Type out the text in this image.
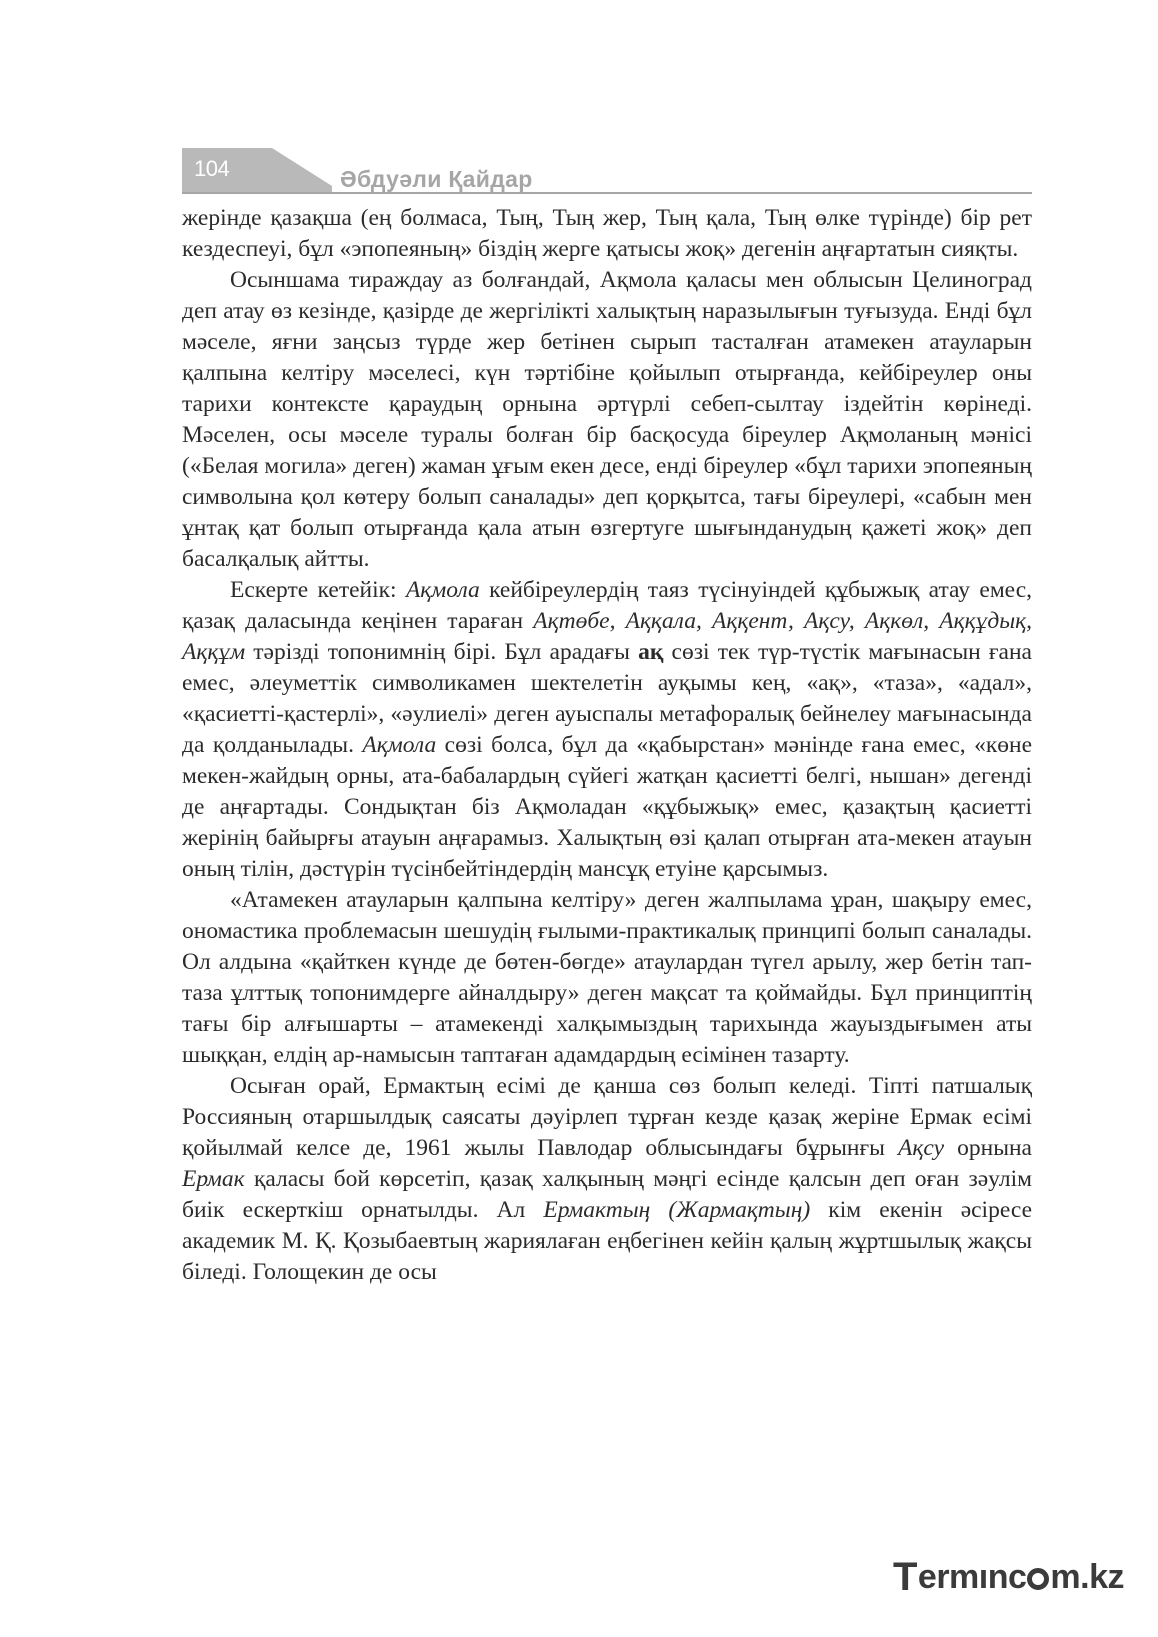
104	Әбдуәли Қайдар

жерінде қазақша (ең болмаса, Тың, Тың жер, Тың қала, Тың өлке түрінде) бір рет кездеспеуі, бұл «эпопеяның» біздің жерге қатысы жоқ» дегенін аңғартатын сияқты.

Осыншама тираждау аз болғандай, Ақмола қаласы мен облысын Целиноград деп атау өз кезінде, қазірде де жергілікті халықтың наразылығын туғызуда. Енді бұл мәселе, яғни заңсыз түрде жер бетінен сырып тасталған атамекен атауларын қалпына келтіру мәселесі, күн тәртібіне қойылып отырғанда, кейбіреулер оны тарихи контексте қараудың орнына әртүрлі себеп-сылтау іздейтін көрінеді. Мәселен, осы мәселе туралы болған бір басқосуда біреулер Ақмоланың мәнісі («Белая могила» деген) жаман ұғым екен десе, енді біреулер «бұл тарихи эпопеяның символына қол көтеру болып саналады» деп қорқытса, тағы біреулері, «сабын мен ұнтақ қат болып отырғанда қала атын өзгертуге шығынданудың қажеті жоқ» деп басалқалық айтты.

Ескерте кетейік: Ақмола кейбіреулердің таяз түсінуіндей құбыжық атау емес, қазақ даласында кеңінен тараған Ақтөбе, Аққала, Аққент, Ақсу, Ақкөл, Аққұдық, Аққұм тәрізді топонимнің бірі. Бұл арадағы ақ сөзі тек түр-түстік мағынасын ғана емес, әлеуметтік символикамен шектелетін ауқымы кең, «ақ», «таза», «адал», «қасиетті-қастерлі», «әулиелі» деген ауыспалы метафоралық бейнелеу мағынасында да қолданылады. Ақмола сөзі болса, бұл да «қабырстан» мәнінде ғана емес, «көне мекен-жайдың орны, ата-бабалардың сүйегі жатқан қасиетті белгі, нышан» дегенді де аңғартады. Сондықтан біз Ақмоладан «құбыжық» емес, қазақтың қасиетті жерінің байырғы атауын аңғарамыз. Халықтың өзі қалап отырған ата-мекен атауын оның тілін, дәстүрін түсінбейтіндердің мансұқ етуіне қарсымыз.

«Атамекен атауларын қалпына келтіру» деген жалпылама ұран, шақыру емес, ономастика проблемасын шешудің ғылыми-практикалық принципі болып саналады. Ол алдына «қайткен күнде де бөтен-бөгде» атаулардан түгел арылу, жер бетін тап-таза ұлттық топонимдерге айналдыру» деген мақсат та қоймайды. Бұл принциптің тағы бір алғышарты – атамекенді халқымыздың тарихында жауыздығымен аты шыққан, елдің ар-намысын таптаған адамдардың есімінен тазарту.

Осыған орай, Ермактың есімі де қанша сөз болып келеді. Тіпті патшалық Россияның отаршылдық саясаты дәуірлеп тұрған кезде қазақ жеріне Ермак есімі қойылмай келсе де, 1961 жылы Павлодар облысындағы бұрынғы Ақсу орнына Ермак қаласы бой көрсетіп, қазақ халқының мәңгі есінде қалсын деп оған зәулім биік ескерткіш орнатылды. Ал Ермактың (Жармақтың) кім екенін әсіресе академик М. Қ. Қозыбаевтың жариялаған еңбегінен кейін қалың жұртшылық жақсы біледі. Голощекин де осы

T ermınc m.kz
